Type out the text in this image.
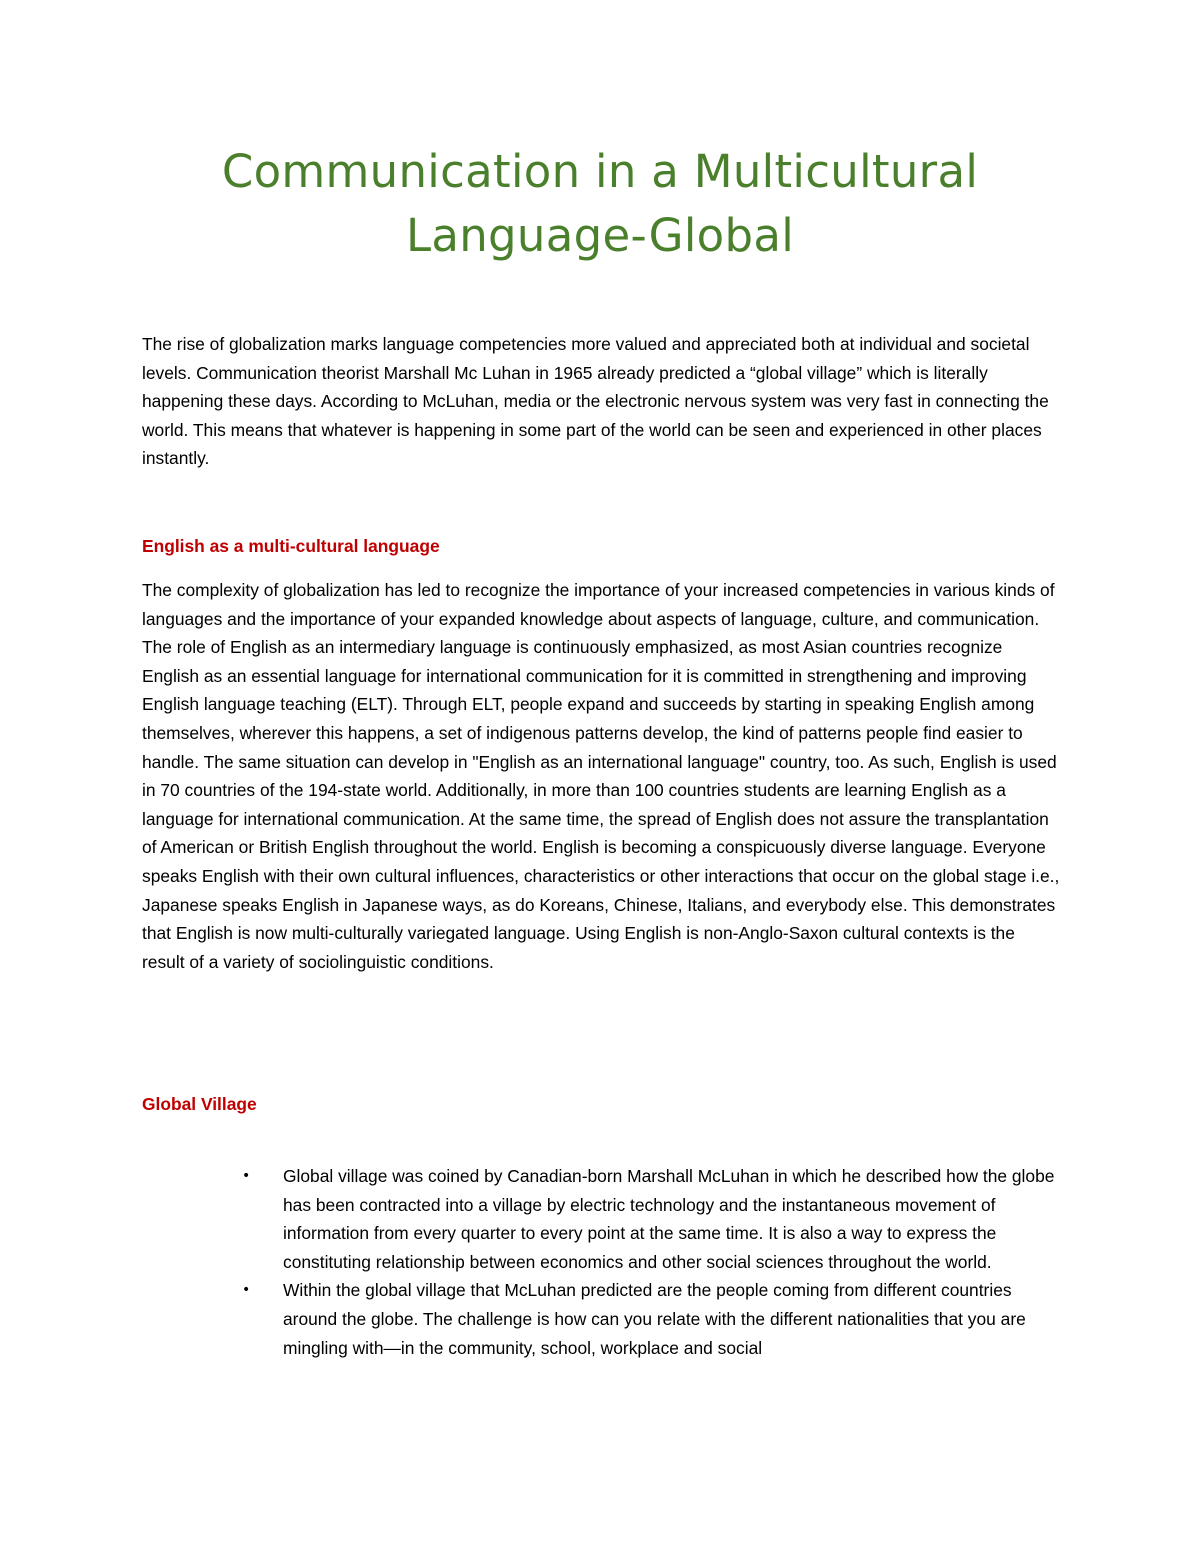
Communication in a Multicultural
Language-Global

The rise of globalization marks language competencies more valued and appreciated both at individual and societal levels. Communication theorist Marshall Mc Luhan in 1965 already predicted a “global village” which is literally happening these days. According to McLuhan, media or the electronic nervous system was very fast in connecting the world. This means that whatever is happening in some part of the world can be seen and experienced in other places instantly.

English as a multi-cultural language

The complexity of globalization has led to recognize the importance of your increased competencies in various kinds of languages and the importance of your expanded knowledge about aspects of language, culture, and communication. The role of English as an intermediary language is continuously emphasized, as most Asian countries recognize English as an essential language for international communication for it is committed in strengthening and improving English language teaching (ELT). Through ELT, people expand and succeeds by starting in speaking English among themselves, wherever this happens, a set of indigenous patterns develop, the kind of patterns people find easier to handle. The same situation can develop in "English as an international language" country, too. As such, English is used in 70 countries of the 194-state world. Additionally, in more than 100 countries students are learning English as a language for international communication. At the same time, the spread of English does not assure the transplantation of American or British English throughout the world. English is becoming a conspicuously diverse language. Everyone speaks English with their own cultural influences, characteristics or other interactions that occur on the global stage i.e., Japanese speaks English in Japanese ways, as do Koreans, Chinese, Italians, and everybody else. This demonstrates that English is now multi-culturally variegated language. Using English is non-Anglo-Saxon cultural contexts is the result of a variety of sociolinguistic conditions.

Global Village
• Global village was coined by Canadian-born Marshall McLuhan in which he described how the globe has been contracted into a village by electric technology and the instantaneous movement of information from every quarter to every point at the same time. It is also a way to express the constituting relationship between economics and other social sciences throughout the world.
• Within the global village that McLuhan predicted are the people coming from different countries around the globe. The challenge is how can you relate with the different nationalities that you are mingling with—in the community, school, workplace and social
